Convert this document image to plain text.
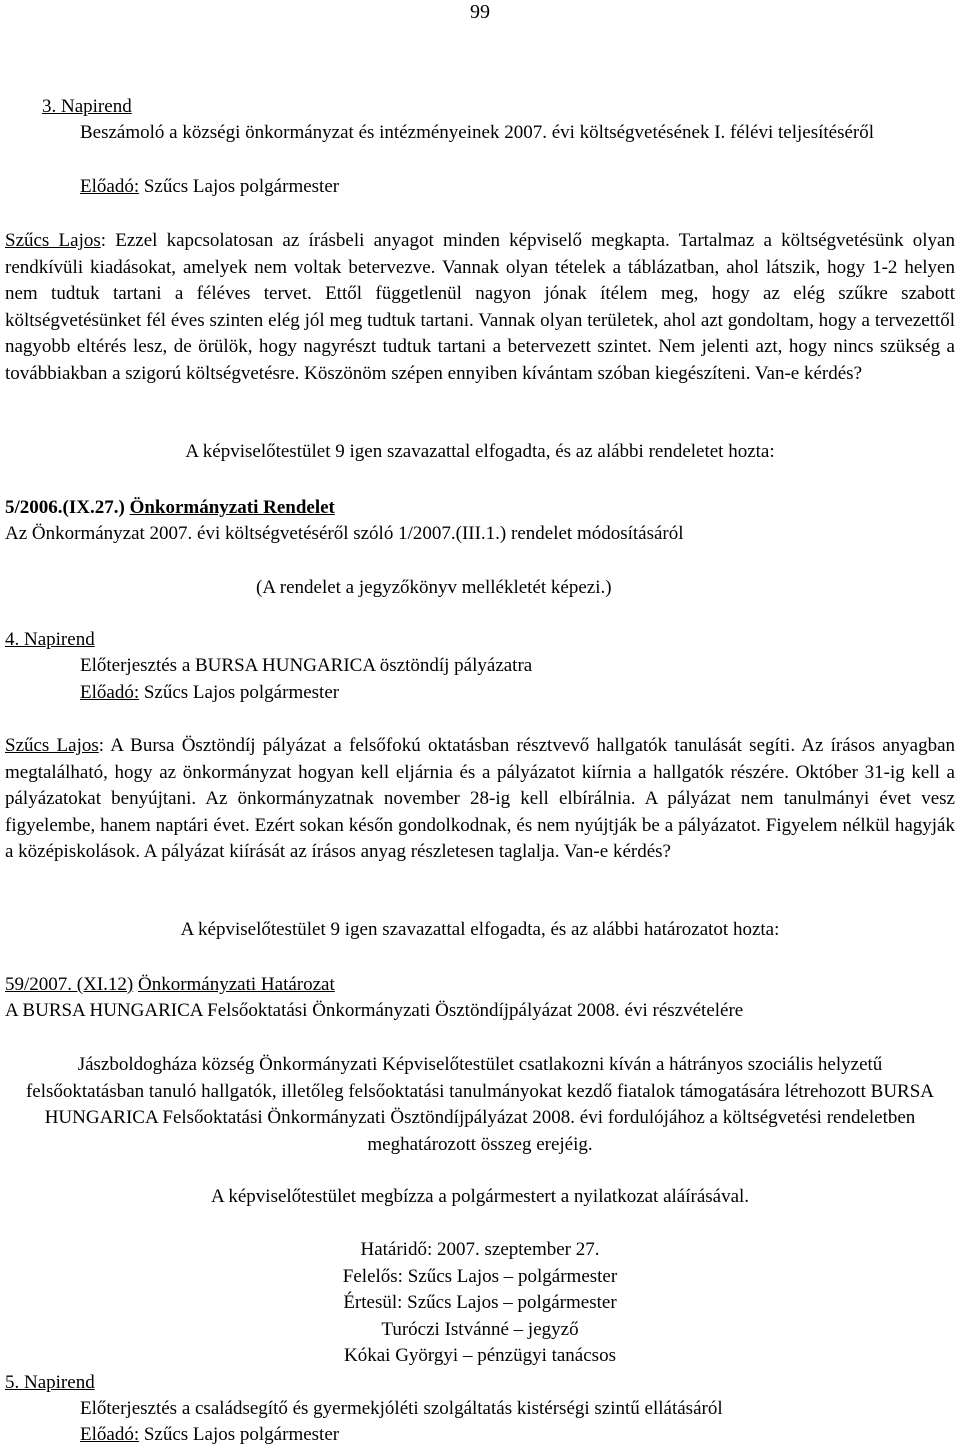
99
3. Napirend
Beszámoló a községi önkormányzat és intézményeinek 2007. évi költségvetésének I. félévi teljesítéséről
Előadó: Szűcs Lajos polgármester

Szűcs Lajos: Ezzel kapcsolatosan az írásbeli anyagot minden képviselő megkapta. Tartalmaz a költségvetésünk olyan rendkívüli kiadásokat, amelyek nem voltak betervezve. Vannak olyan tételek a táblázatban, ahol látszik, hogy 1-2 helyen nem tudtuk tartani a féléves tervet. Ettől függetlenül nagyon jónak ítélem meg, hogy az elég szűkre szabott költségvetésünket fél éves szinten elég jól meg tudtuk tartani. Vannak olyan területek, ahol azt gondoltam, hogy a tervezettől nagyobb eltérés lesz, de örülök, hogy nagyrészt tudtuk tartani a betervezett szintet. Nem jelenti azt, hogy nincs szükség a továbbiakban a szigorú költségvetésre. Köszönöm szépen ennyiben kívántam szóban kiegészíteni. Van-e kérdés?

A képviselőtestület 9 igen szavazattal elfogadta, és az alábbi rendeletet hozta:
5/2006.(IX.27.) Önkormányzati Rendelet
Az Önkormányzat 2007. évi költségvetéséről szóló 1/2007.(III.1.) rendelet módosításáról
(A rendelet a jegyzőkönyv mellékletét képezi.)
4. Napirend
Előterjesztés a BURSA HUNGARICA ösztöndíj pályázatra
Előadó: Szűcs Lajos polgármester

Szűcs Lajos: A Bursa Ösztöndíj pályázat a felsőfokú oktatásban résztvevő hallgatók tanulását segíti. Az írásos anyagban megtalálható, hogy az önkormányzat hogyan kell eljárnia és a pályázatot kiírnia a hallgatók részére. Október 31-ig kell a pályázatokat benyújtani. Az önkormányzatnak november 28-ig kell elbírálnia. A pályázat nem tanulmányi évet vesz figyelembe, hanem naptári évet. Ezért sokan későn gondolkodnak, és nem nyújtják be a pályázatot. Figyelem nélkül hagyják a középiskolások. A pályázat kiírását az írásos anyag részletesen taglalja. Van-e kérdés?

A képviselőtestület 9 igen szavazattal elfogadta, és az alábbi határozatot hozta:
59/2007. (XI.12) Önkormányzati Határozat
A BURSA HUNGARICA Felsőoktatási Önkormányzati Ösztöndíjpályázat 2008. évi részvételére

Jászboldogháza község Önkormányzati Képviselőtestület csatlakozni kíván a hátrányos szociális helyzetű felsőoktatásban tanuló hallgatók, illetőleg felsőoktatási tanulmányokat kezdő fiatalok támogatására létrehozott BURSA HUNGARICA Felsőoktatási Önkormányzati Ösztöndíjpályázat 2008. évi fordulójához a költségvetési rendeletben meghatározott összeg erejéig.

A képviselőtestület megbízza a polgármestert a nyilatkozat aláírásával.
Határidő: 2007. szeptember 27.
Felelős: Szűcs Lajos – polgármester
Értesül: Szűcs Lajos – polgármester
Turóczi Istvánné – jegyző
Kókai Györgyi – pénzügyi tanácsos
5. Napirend
Előterjesztés a családsegítő és gyermekjóléti szolgáltatás kistérségi szintű ellátásáról
Előadó: Szűcs Lajos polgármester
